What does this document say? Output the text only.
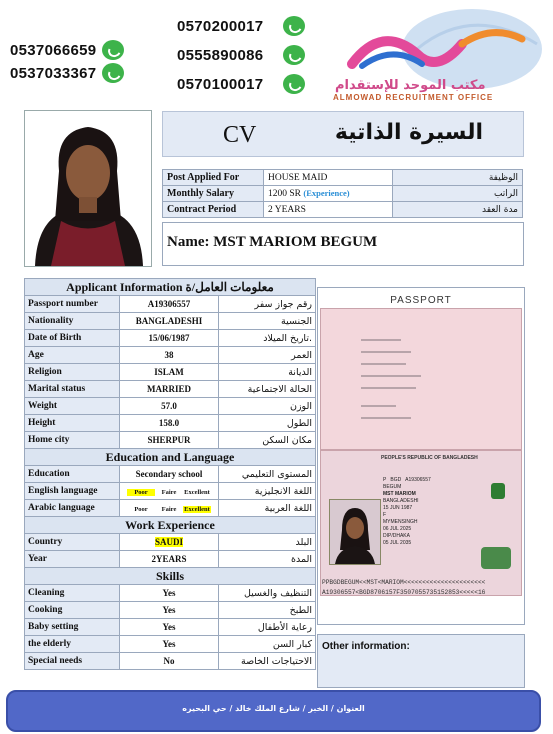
0537066659
0537033367
0570200017
0555890086
0570100017	مكتب الموحد للإستقدام
ALMOWAD RECRUITMENT OFFICE
CV	السيرة الذاتية
Post Applied For	HOUSE MAID	الوظيفة
Monthly Salary	1200 SR (Experience)	الراتب
Contract Period	2 YEARS	مدة العقد
Name: MST MARIOM BEGUM
Applicant Information معلومات العامل/ة		
Passport number	A19306557	رقم جواز سفر
Nationality	BANGLADESHI	الجنسية
Date of Birth	15/06/1987	تاريخ الميلاد.
Age	38	العمر
Religion	ISLAM	الديانة
Marital status	MARRIED	الحالة الاجتماعية
Weight	57.0	الوزن
Height	158.0	الطول
Home city	SHERPUR	مكان السكن
Education and Language		
Education	Secondary school	المستوى التعليمي
English language	Poor Faire Excellent	اللغة الانجليزية
Arabic language	Poor Faire Excellent	اللغة العربية
Work Experience		
Country	SAUDI	البلد
Year	2YEARS	المدة
Skills		
Cleaning	Yes	التنظيف والغسيل
Cooking	Yes	الطبخ
Baby setting	Yes	رعاية الأطفال
the elderly	Yes	كبار السن
Special needs	No	الاحتياجات الخاصة
PASSPORT
PEOPLE'S REPUBLIC OF BANGLADESH
P BGD A19306557
BEGUM
MST MARIOM
BANGLADESHI
15 JUN 1987
F
MYMENSINGH
06 JUL 2025
DIP/DHAKA
05 JUL 2035
PPBGDBEGUM<<MST<MARIOM<<<<<<<<<<<<<<<<<<<<<<
A19306557<BGD8706157F3507055735152853<<<<<16
Other information:
العنوان / الخبر / شارع الملك خالد / حي البحيره
